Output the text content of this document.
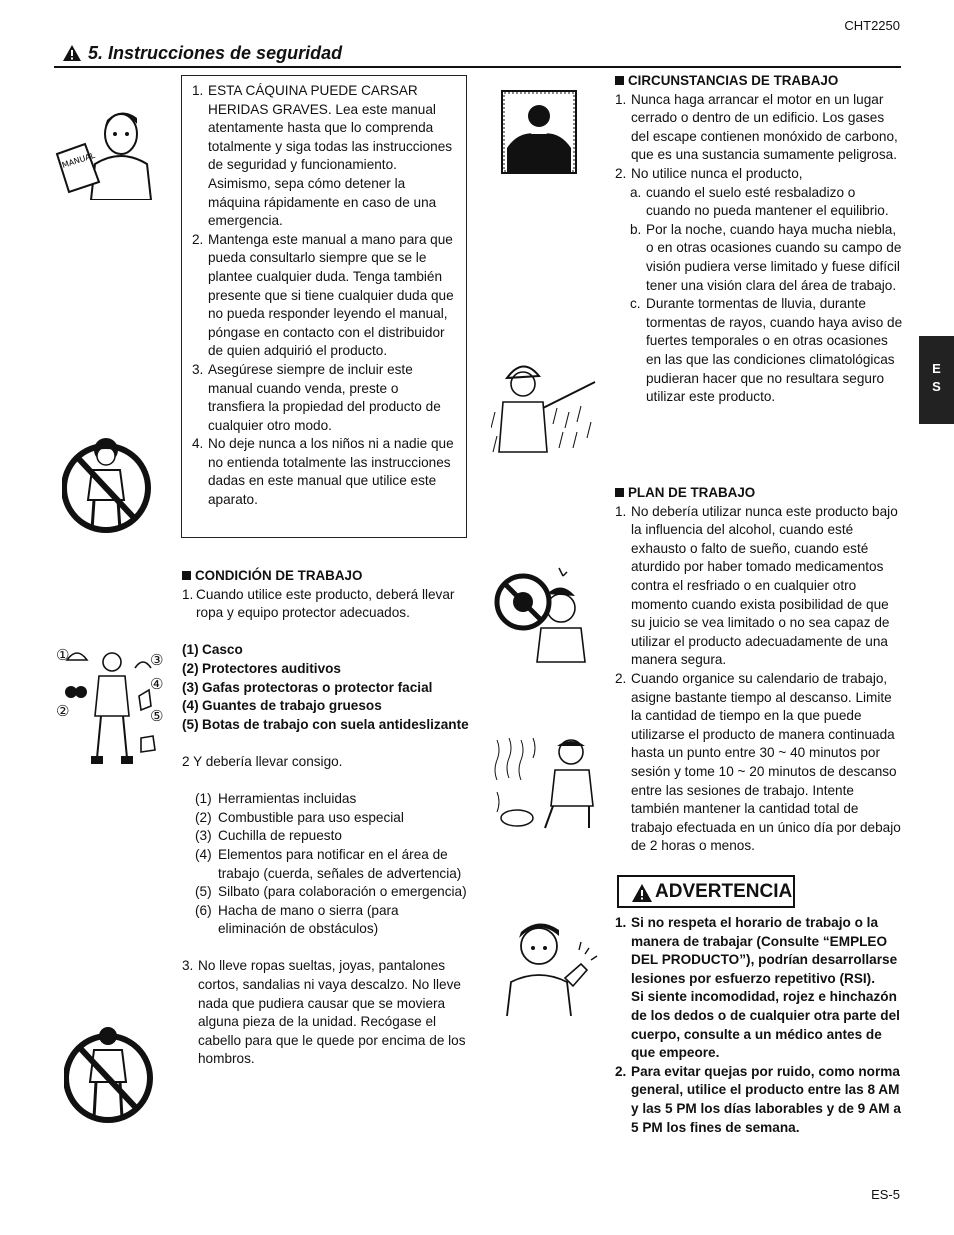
CHT2250
5. Instrucciones de seguridad
E
S
MANUAL
①
②
③
④
⑤
1. ESTA CÁQUINA PUEDE CARSAR HERIDAS GRAVES. Lea este manual atentamente hasta que lo comprenda totalmente y siga todas las instrucciones de seguridad y funcionamiento. Asimismo, sepa cómo detener la máquina rápidamente en caso de una emergencia.
2. Mantenga este manual a mano para que pueda consultarlo siempre que se le plantee cualquier duda. Tenga también presente que si tiene cualquier duda que no pueda responder leyendo el manual, póngase en contacto con el distribuidor de quien adquirió el producto.
3. Asegúrese siempre de incluir este manual cuando venda, preste o transfiera la propiedad del producto de cualquier otro modo.
4. No deje nunca a los niños ni a nadie que no entienda totalmente las instrucciones dadas en este manual que utilice este aparato.
CONDICIÓN DE TRABAJO
1. Cuando utilice este producto, deberá llevar ropa y equipo protector adecuados.
(1) Casco
(2) Protectores auditivos
(3) Gafas protectoras o protector facial
(4) Guantes de trabajo gruesos
(5) Botas de trabajo con suela antideslizante
2 Y debería llevar consigo.
(1) Herramientas incluidas
(2) Combustible para uso especial
(3) Cuchilla de repuesto
(4) Elementos para notificar en el área de trabajo (cuerda, señales de advertencia)
(5) Silbato (para colaboración o emergencia)
(6) Hacha de mano o sierra (para eliminación de obstáculos)
3. No lleve ropas sueltas, joyas, pantalones cortos, sandalias ni vaya descalzo. No lleve nada que pudiera causar que se moviera alguna pieza de la unidad. Recógase el cabello para que le quede por encima de los hombros.
CIRCUNSTANCIAS DE TRABAJO
1. Nunca haga arrancar el motor en un lugar cerrado o dentro de un edificio. Los gases del escape contienen monóxido de carbono, que es una sustancia sumamente peligrosa.
2. No utilice nunca el producto,
a. cuando el suelo esté resbaladizo o cuando no pueda mantener el equilibrio.
b. Por la noche, cuando haya mucha niebla, o en otras ocasiones cuando su campo de visión pudiera verse limitado y fuese difícil tener una visión clara del área de trabajo.
c. Durante tormentas de lluvia, durante tormentas de rayos, cuando haya aviso de fuertes temporales o en otras ocasiones en las que las condiciones climatológicas pudieran hacer que no resultara seguro utilizar este producto.
PLAN DE TRABAJO
1. No debería utilizar nunca este producto bajo la influencia del alcohol, cuando esté exhausto o falto de sueño, cuando esté aturdido por haber tomado medicamentos contra el resfriado o en cualquier otro momento cuando exista posibilidad de que su juicio se vea limitado o no sea capaz de utilizar el producto adecuadamente de una manera segura.
2. Cuando organice su calendario de trabajo, asigne bastante tiempo al descanso. Limite la cantidad de tiempo en la que puede utilizarse el producto de manera continuada hasta un punto entre 30 ~ 40 minutos por sesión y tome 10 ~ 20 minutos de descanso entre las sesiones de trabajo. Intente también mantener la cantidad total de trabajo efectuada en un único día por debajo de 2 horas o menos.
ADVERTENCIA
1. Si no respeta el horario de trabajo o la manera de trabajar (Consulte “EMPLEO DEL PRODUCTO”), podrían desarrollarse lesiones por esfuerzo repetitivo (RSI).
Si siente incomodidad, rojez e hinchazón de los dedos o de cualquier otra parte del cuerpo, consulte a un médico antes de que empeore.
2. Para evitar quejas por ruido, como norma general, utilice el producto entre las 8 AM y las 5 PM los días laborables y de 9 AM a 5 PM los fines de semana.
ES-5
